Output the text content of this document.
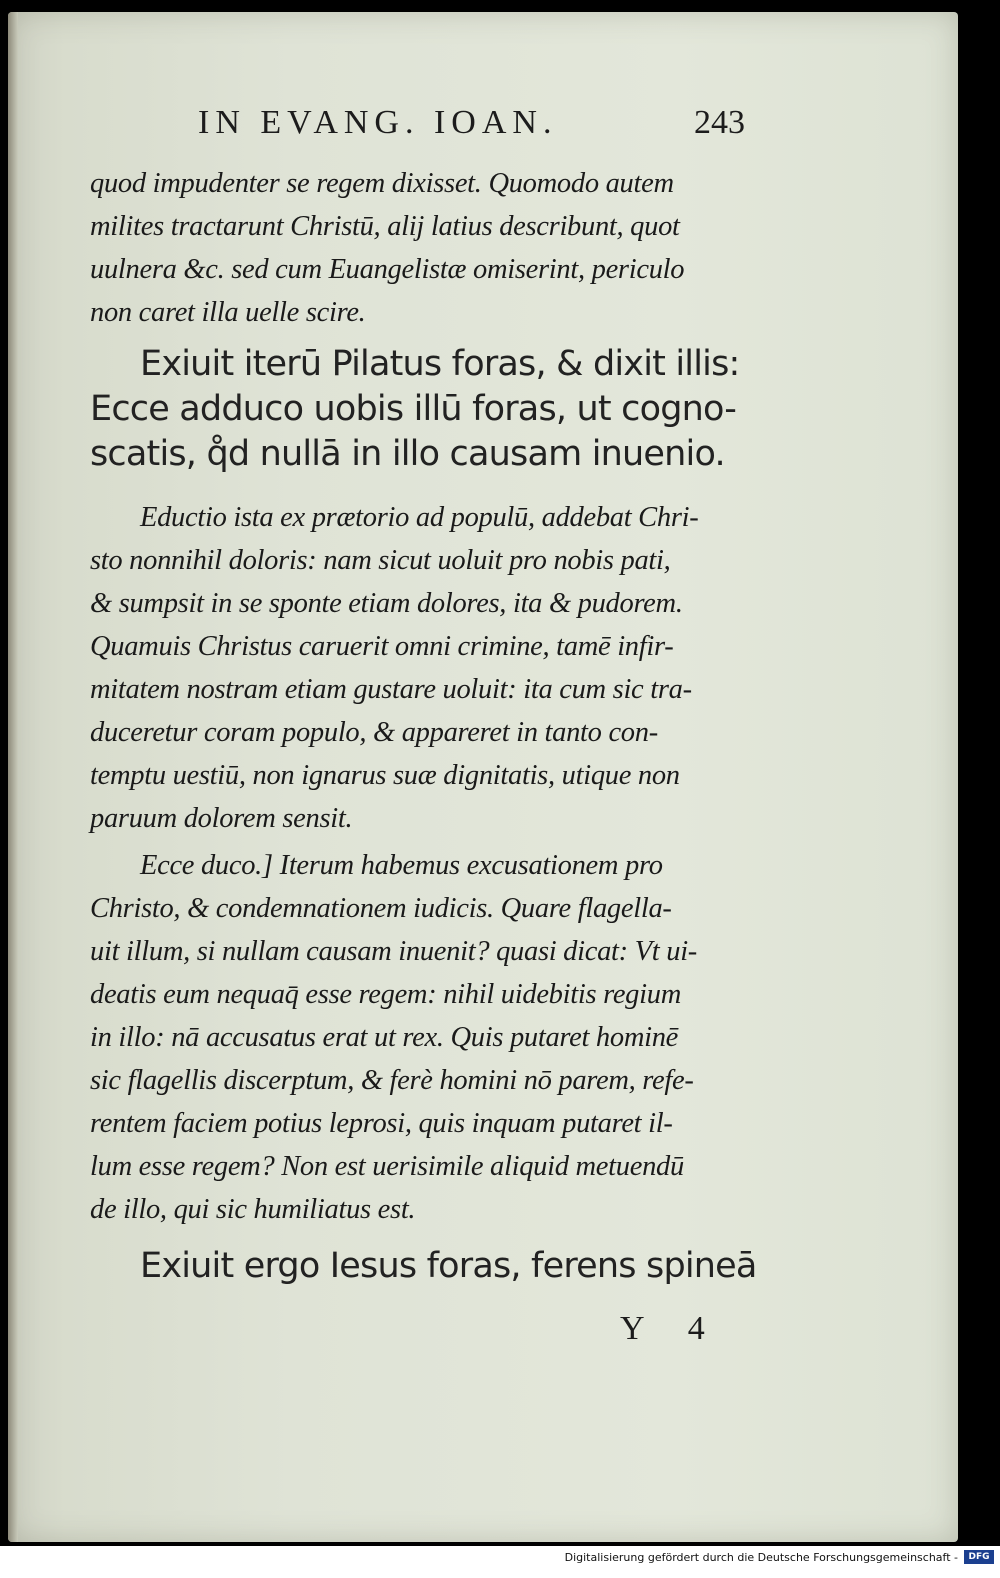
IN EVANG. IOAN.	243

quod impudenter se regem dixisset. Quomodo autem

milites tractarunt Christū, alij latius describunt, quot

uulnera &c. sed cum Euangelistæ omiserint, periculo

non caret illa uelle scire.

Exiuit iterū Pilatus foras, & dixit illis:

Ecce adduco uobis illū foras, ut cogno-

scatis, q̊d nullā in illo causam inuenio.

Eductio ista ex prætorio ad populū, addebat Chri-

sto nonnihil doloris: nam sicut uoluit pro nobis pati,

& sumpsit in se sponte etiam dolores, ita & pudorem.

Quamuis Christus caruerit omni crimine, tamē infir-

mitatem nostram etiam gustare uoluit: ita cum sic tra-

duceretur coram populo, & appareret in tanto con-

temptu uestiū, non ignarus suæ dignitatis, utique non

paruum dolorem sensit.

Ecce duco.] Iterum habemus excusationem pro

Christo, & condemnationem iudicis. Quare flagella-

uit illum, si nullam causam inuenit? quasi dicat: Vt ui-

deatis eum nequaq̄ esse regem: nihil uidebitis regium

in illo: nā accusatus erat ut rex. Quis putaret hominē

sic flagellis discerptum, & ferè homini nō parem, refe-

rentem faciem potius leprosi, quis inquam putaret il-

lum esse regem? Non est uerisimile aliquid metuendū

de illo, qui sic humiliatus est.

Exiuit ergo Iesus foras, ferens spineā

Y 4
Digitalisierung gefördert durch die Deutsche Forschungsgemeinschaft -	DFG
